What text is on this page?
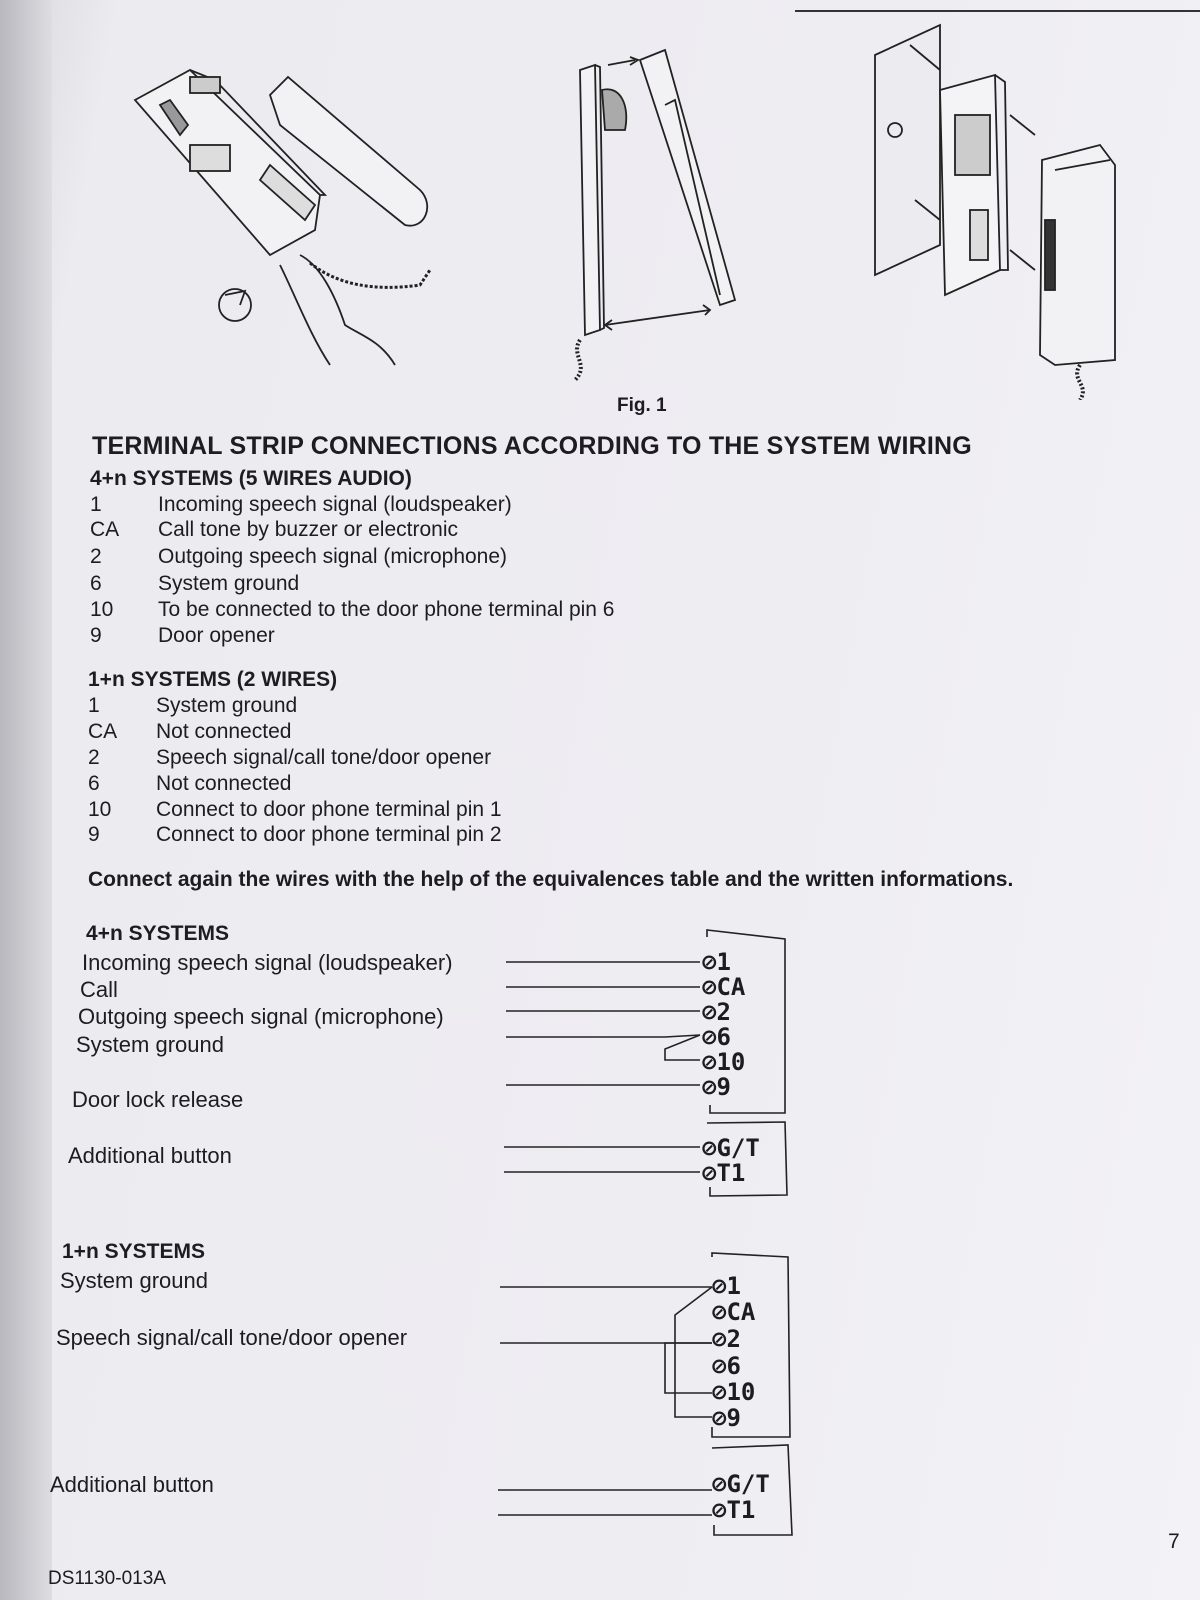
Fig. 1
TERMINAL STRIP CONNECTIONS ACCORDING TO THE SYSTEM WIRING
4+n SYSTEMS (5 WIRES AUDIO)
1	Incoming speech signal (loudspeaker)
CA Call tone by buzzer or electronic
2	Outgoing speech signal (microphone)
6	System ground
10 To be connected to the door phone terminal pin 6
9	Door opener
1+n SYSTEMS (2 WIRES)
1	System ground
CA Not connected
2	Speech signal/call tone/door opener
6	Not connected
10 Connect to door phone terminal pin 1
9	Connect to door phone terminal pin 2
Connect again the wires with the help of the equivalences table and the written informations.
4+n SYSTEMS
Incoming speech signal (loudspeaker)
Call
Outgoing speech signal (microphone)
System ground
Door lock release
Additional button
⊘1
⊘CA
⊘2
⊘6
⊘10
⊘9
⊘G/T
⊘T1
1+n SYSTEMS
System ground
Speech signal/call tone/door opener
Additional button
⊘1
⊘CA
⊘2
⊘6
⊘10
⊘9
⊘G/T
⊘T1
7
DS1130-013A
